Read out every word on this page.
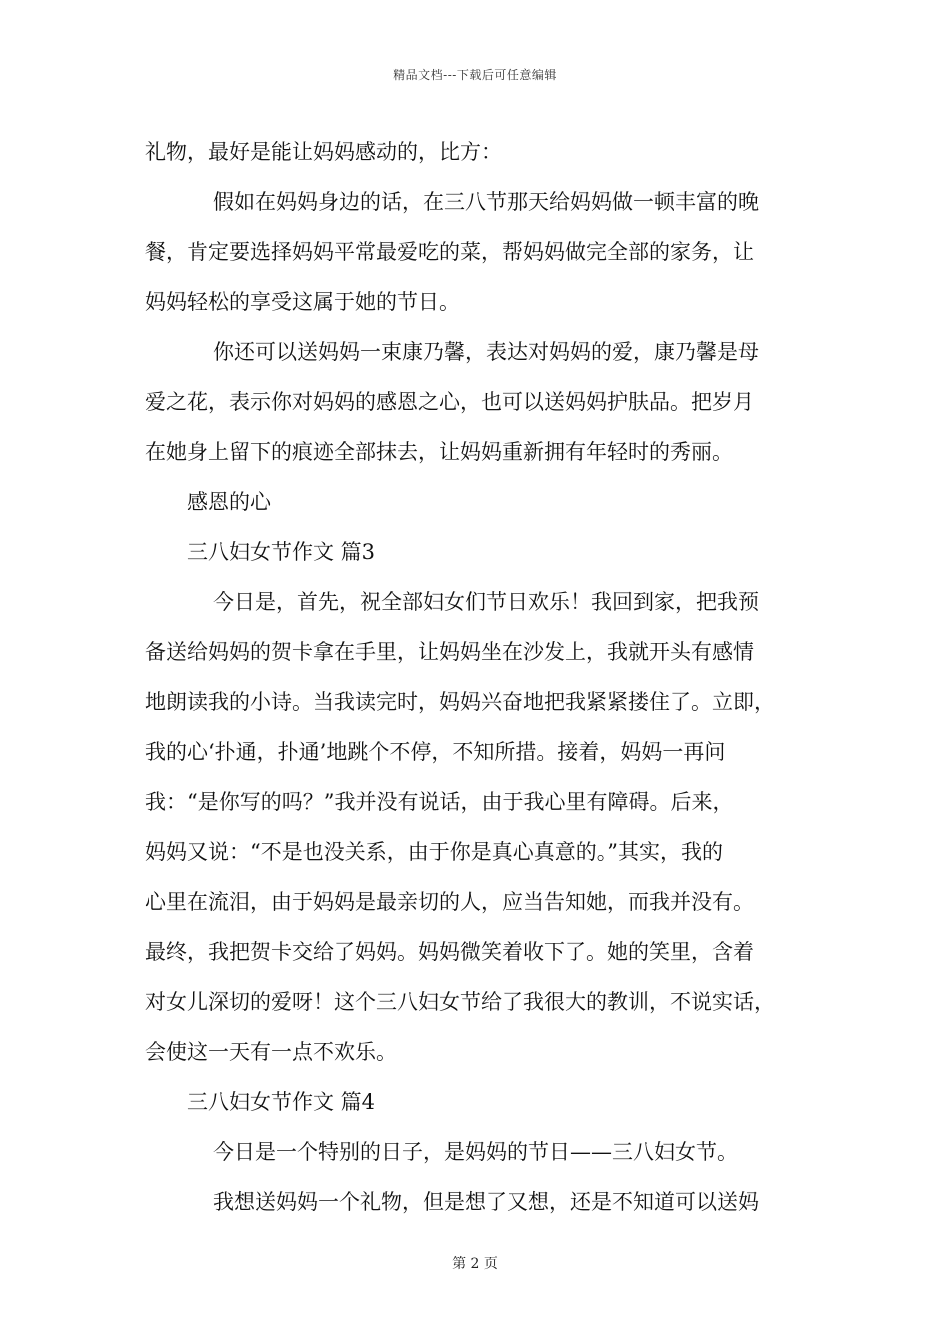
精品文档---下载后可任意编辑
礼物，最好是能让妈妈感动的，比方：
假如在妈妈身边的话，在三八节那天给妈妈做一顿丰富的晚
餐，肯定要选择妈妈平常最爱吃的菜，帮妈妈做完全部的家务，让
妈妈轻松的享受这属于她的节日。
你还可以送妈妈一束康乃馨，表达对妈妈的爱，康乃馨是母
爱之花，表示你对妈妈的感恩之心，也可以送妈妈护肤品。把岁月
在她身上留下的痕迹全部抹去，让妈妈重新拥有年轻时的秀丽。
感恩的心
三八妇女节作文 篇3
今日是，首先，祝全部妇女们节日欢乐！我回到家，把我预
备送给妈妈的贺卡拿在手里，让妈妈坐在沙发上，我就开头有感情
地朗读我的小诗。当我读完时，妈妈兴奋地把我紧紧搂住了。立即，
我的心‘扑通，扑通’地跳个不停，不知所措。接着，妈妈一再问
我：“是你写的吗？”我并没有说话，由于我心里有障碍。后来，
妈妈又说：“不是也没关系，由于你是真心真意的。”其实，我的
心里在流泪，由于妈妈是最亲切的人，应当告知她，而我并没有。
最终，我把贺卡交给了妈妈。妈妈微笑着收下了。她的笑里，含着
对女儿深切的爱呀！这个三八妇女节给了我很大的教训，不说实话，
会使这一天有一点不欢乐。
三八妇女节作文 篇4
今日是一个特别的日子，是妈妈的节日——三八妇女节。
我想送妈妈一个礼物，但是想了又想，还是不知道可以送妈
第 2 页
